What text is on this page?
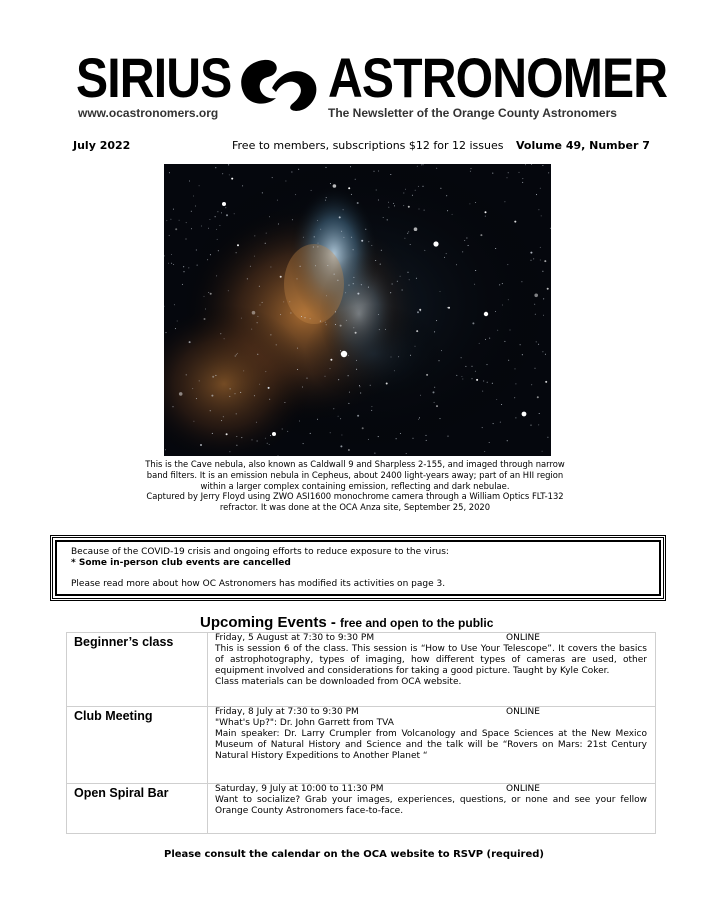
SIRIUS
www.ocastronomers.org
ASTRONOMER
The Newsletter of the Orange County Astronomers
July 2022	Free to members, subscriptions $12 for 12 issues Volume 49, Number 7
This is the Cave nebula, also known as Caldwall 9 and Sharpless 2-155, and imaged through narrow
band filters. It is an emission nebula in Cepheus, about 2400 light-years away; part of an HII region
within a larger complex containing emission, reflecting and dark nebulae.
Captured by Jerry Floyd using ZWO ASI1600 monochrome camera through a William Optics FLT-132
refractor. It was done at the OCA Anza site, September 25, 2020
Because of the COVID-19 crisis and ongoing efforts to reduce exposure to the virus:
* Some in-person club events are cancelled
Please read more about how OC Astronomers has modified its activities on page 3.
Upcoming Events - free and open to the public
Beginner’s class	Friday, 5 August at 7:30 to 9:30 PM ONLINE
This is session 6 of the class. This session is “How to Use Your Telescope”. It covers the basics of astrophotography, types of imaging, how different types of cameras are used, other equipment involved and considerations for taking a good picture. Taught by Kyle Coker.
Class materials can be downloaded from OCA website.

Club Meeting	Friday, 8 July at 7:30 to 9:30 PM ONLINE
"What's Up?": Dr. John Garrett from TVA
Main speaker: Dr. Larry Crumpler from Volcanology and Space Sciences at the New Mexico Museum of Natural History and Science and the talk will be “Rovers on Mars: 21st Century Natural History Expeditions to Another Planet “

Open Spiral Bar	Saturday, 9 July at 10:00 to 11:30 PM ONLINE
Want to socialize? Grab your images, experiences, questions, or none and see your fellow Orange County Astronomers face-to-face.
Please consult the calendar on the OCA website to RSVP (required)
